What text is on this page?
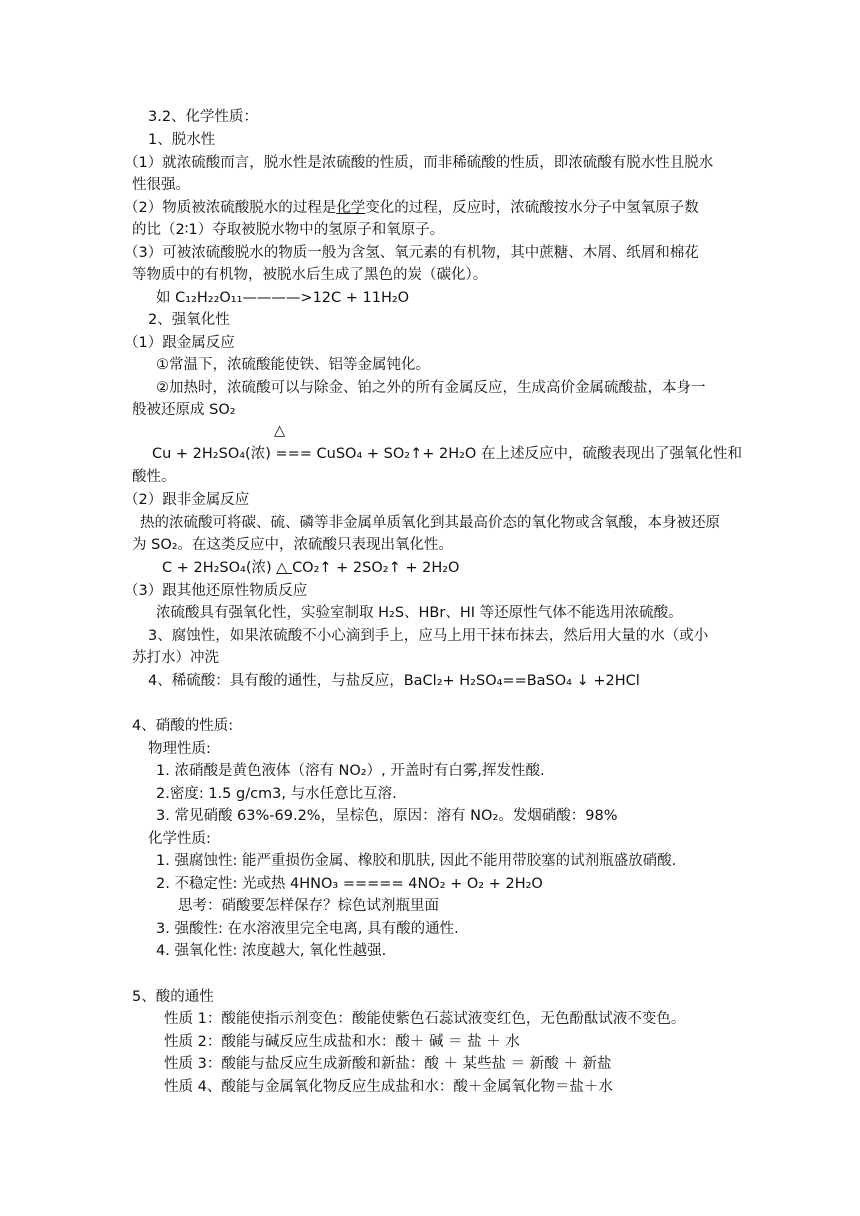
3.2、化学性质：
1、脱水性
（1）就浓硫酸而言，脱水性是浓硫酸的性质，而非稀硫酸的性质，即浓硫酸有脱水性且脱水
性很强。
（2）物质被浓硫酸脱水的过程是化学变化的过程，反应时，浓硫酸按水分子中氢氧原子数
的比（2∶1）夺取被脱水物中的氢原子和氧原子。
（3）可被浓硫酸脱水的物质一般为含氢、氧元素的有机物，其中蔗糖、木屑、纸屑和棉花
等物质中的有机物，被脱水后生成了黑色的炭（碳化）。
如 C₁₂H₂₂O₁₁————>12C + 11H₂O
2、强氧化性
（1）跟金属反应
①常温下，浓硫酸能使铁、铝等金属钝化。
②加热时，浓硫酸可以与除金、铂之外的所有金属反应，生成高价金属硫酸盐，本身一
般被还原成 SO₂
△
Cu + 2H₂SO₄(浓) === CuSO₄ + SO₂↑+ 2H₂O 在上述反应中，硫酸表现出了强氧化性和
酸性。
（2）跟非金属反应
热的浓硫酸可将碳、硫、磷等非金属单质氧化到其最高价态的氧化物或含氧酸，本身被还原
为 SO₂。在这类反应中，浓硫酸只表现出氧化性。
C + 2H₂SO₄(浓) △ CO₂↑ + 2SO₂↑ + 2H₂O
（3）跟其他还原性物质反应
浓硫酸具有强氧化性，实验室制取 H₂S、HBr、HI 等还原性气体不能选用浓硫酸。
3、腐蚀性，如果浓硫酸不小心滴到手上，应马上用干抹布抹去，然后用大量的水（或小
苏打水）冲洗
4、稀硫酸：具有酸的通性，与盐反应，BaCl₂+ H₂SO₄==BaSO₄ ↓ +2HCl
4、硝酸的性质:
物理性质:
1. 浓硝酸是黄色液体（溶有 NO₂）, 开盖时有白雾,挥发性酸.
2.密度: 1.5 g/cm3, 与水任意比互溶.
3. 常见硝酸 63%-69.2%，呈棕色，原因：溶有 NO₂。发烟硝酸：98%
化学性质:
1. 强腐蚀性: 能严重损伤金属、橡胶和肌肤, 因此不能用带胶塞的试剂瓶盛放硝酸.
2. 不稳定性: 光或热 4HNO₃ ===== 4NO₂ + O₂ + 2H₂O
思考：硝酸要怎样保存？棕色试剂瓶里面
3. 强酸性: 在水溶液里完全电离, 具有酸的通性.
4. 强氧化性: 浓度越大, 氧化性越强.
5、酸的通性
性质 1：酸能使指示剂变色：酸能使紫色石蕊试液变红色，无色酚酞试液不变色。
性质 2：酸能与碱反应生成盐和水：酸＋ 碱 ＝ 盐 ＋ 水
性质 3：酸能与盐反应生成新酸和新盐：酸 ＋ 某些盐 ＝ 新酸 ＋ 新盐
性质 4、酸能与金属氧化物反应生成盐和水：酸＋金属氧化物＝盐＋水
